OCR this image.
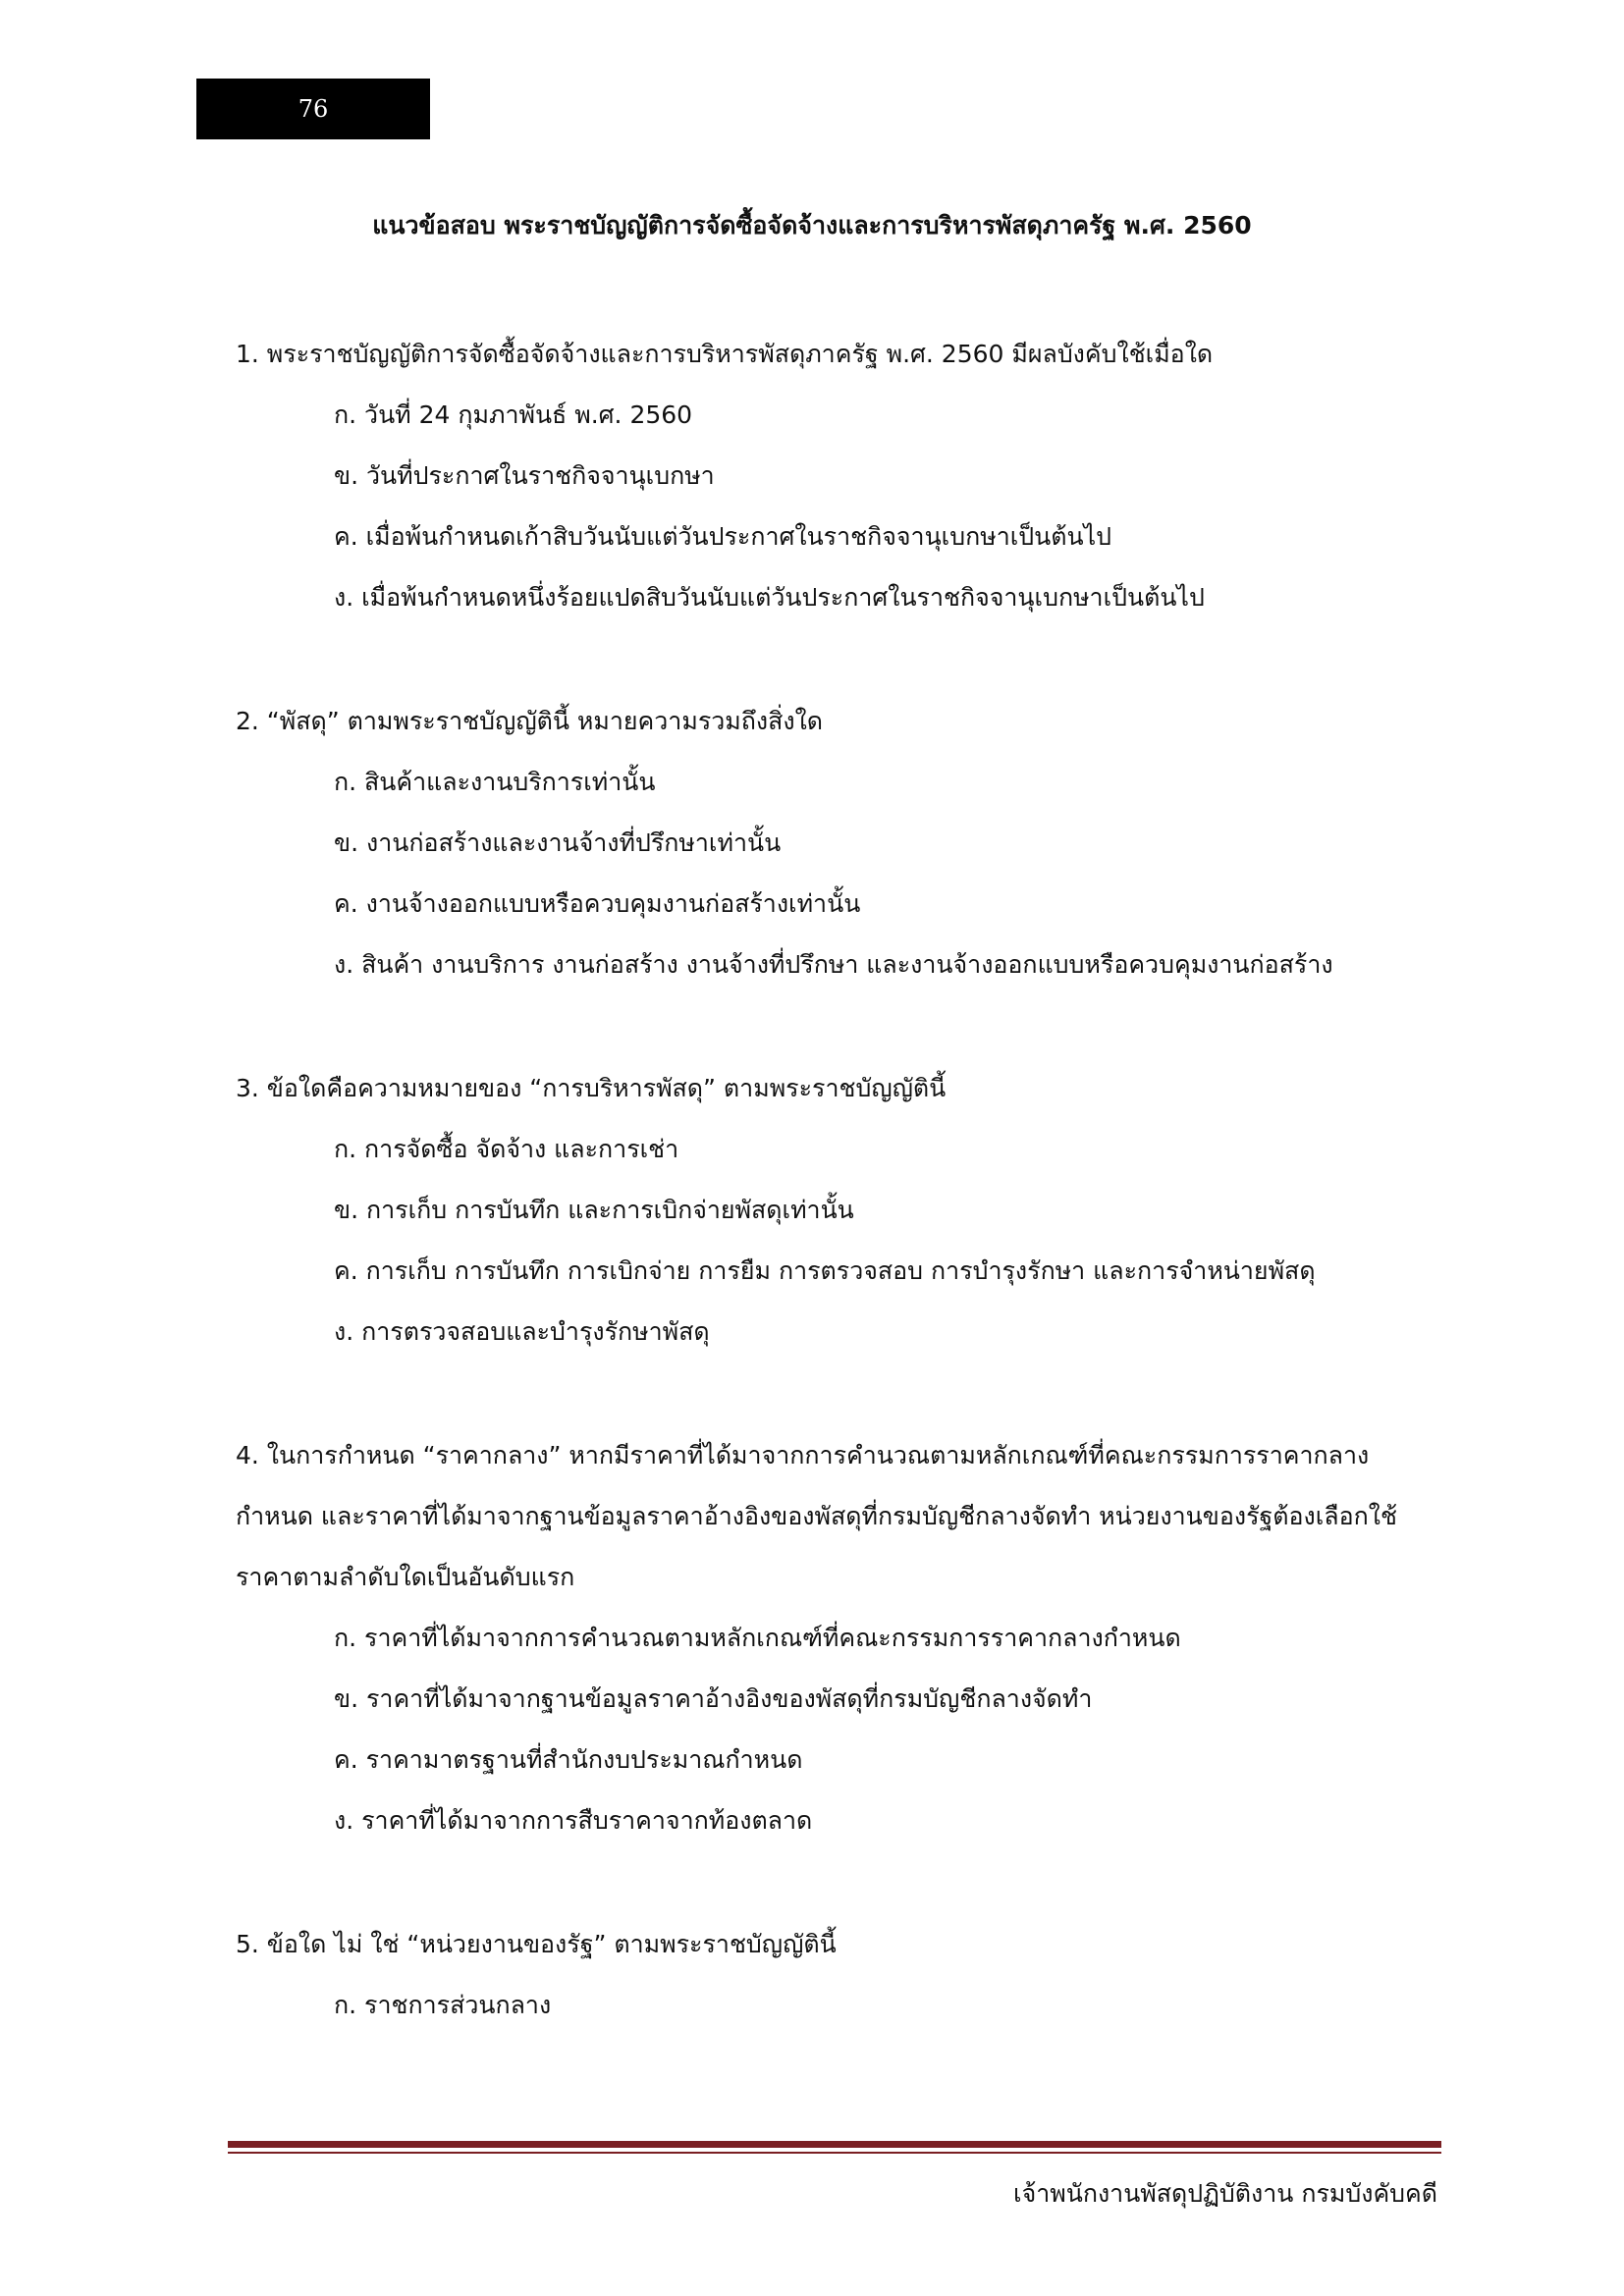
76
แนวข้อสอบ พระราชบัญญัติการจัดซื้อจัดจ้างและการบริหารพัสดุภาครัฐ พ.ศ. 2560
1. พระราชบัญญัติการจัดซื้อจัดจ้างและการบริหารพัสดุภาครัฐ พ.ศ. 2560 มีผลบังคับใช้เมื่อใด
ก. วันที่ 24 กุมภาพันธ์ พ.ศ. 2560
ข. วันที่ประกาศในราชกิจจานุเบกษา
ค. เมื่อพ้นกำหนดเก้าสิบวันนับแต่วันประกาศในราชกิจจานุเบกษาเป็นต้นไป
ง. เมื่อพ้นกำหนดหนึ่งร้อยแปดสิบวันนับแต่วันประกาศในราชกิจจานุเบกษาเป็นต้นไป
2. “พัสดุ” ตามพระราชบัญญัตินี้ หมายความรวมถึงสิ่งใด
ก. สินค้าและงานบริการเท่านั้น
ข. งานก่อสร้างและงานจ้างที่ปรึกษาเท่านั้น
ค. งานจ้างออกแบบหรือควบคุมงานก่อสร้างเท่านั้น
ง. สินค้า งานบริการ งานก่อสร้าง งานจ้างที่ปรึกษา และงานจ้างออกแบบหรือควบคุมงานก่อสร้าง
3. ข้อใดคือความหมายของ “การบริหารพัสดุ” ตามพระราชบัญญัตินี้
ก. การจัดซื้อ จัดจ้าง และการเช่า
ข. การเก็บ การบันทึก และการเบิกจ่ายพัสดุเท่านั้น
ค. การเก็บ การบันทึก การเบิกจ่าย การยืม การตรวจสอบ การบำรุงรักษา และการจำหน่ายพัสดุ
ง. การตรวจสอบและบำรุงรักษาพัสดุ
4. ในการกำหนด “ราคากลาง” หากมีราคาที่ได้มาจากการคำนวณตามหลักเกณฑ์ที่คณะกรรมการราคากลางกำหนด และราคาที่ได้มาจากฐานข้อมูลราคาอ้างอิงของพัสดุที่กรมบัญชีกลางจัดทำ หน่วยงานของรัฐต้องเลือกใช้ราคาตามลำดับใดเป็นอันดับแรก
ก. ราคาที่ได้มาจากการคำนวณตามหลักเกณฑ์ที่คณะกรรมการราคากลางกำหนด
ข. ราคาที่ได้มาจากฐานข้อมูลราคาอ้างอิงของพัสดุที่กรมบัญชีกลางจัดทำ
ค. ราคามาตรฐานที่สำนักงบประมาณกำหนด
ง. ราคาที่ได้มาจากการสืบราคาจากท้องตลาด
5. ข้อใด ไม่ ใช่ “หน่วยงานของรัฐ” ตามพระราชบัญญัตินี้
ก. ราชการส่วนกลาง
เจ้าพนักงานพัสดุปฏิบัติงาน กรมบังคับคดี
